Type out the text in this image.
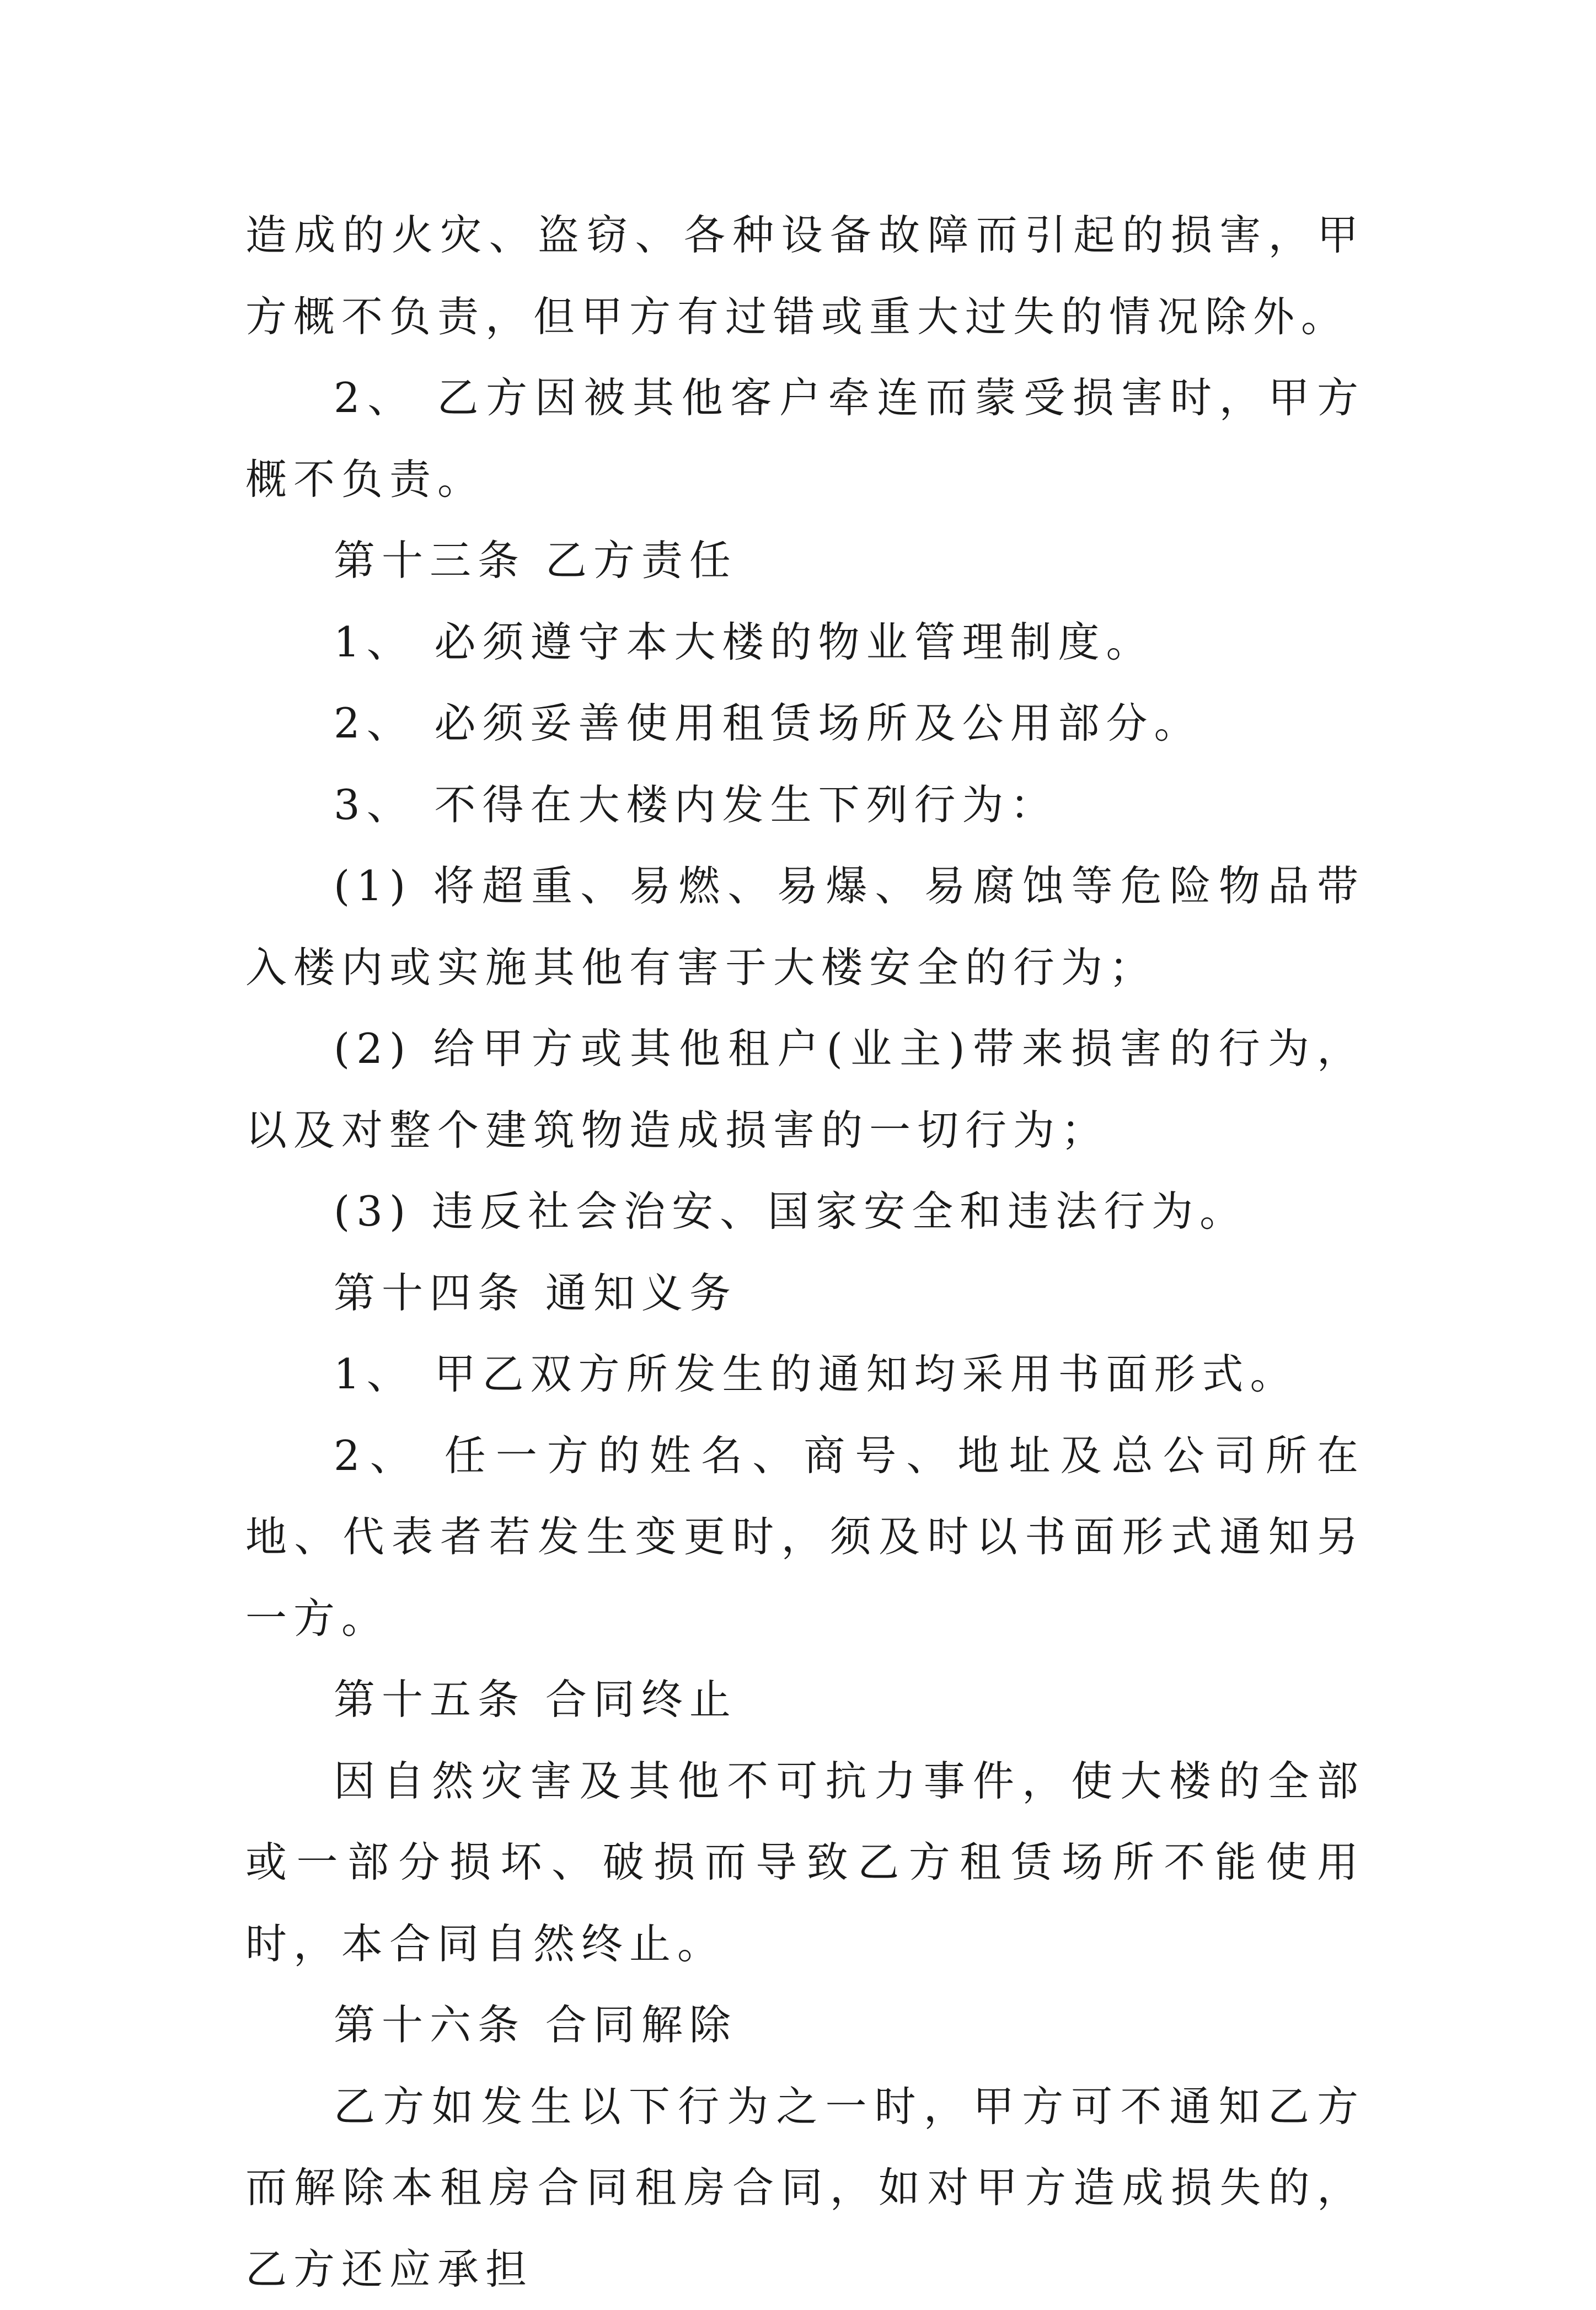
造成的火灾、盗窃、各种设备故障而引起的损害，甲方概不负责，但甲方有过错或重大过失的情况除外。

2、 乙方因被其他客户牵连而蒙受损害时，甲方概不负责。

第十三条 乙方责任

1、 必须遵守本大楼的物业管理制度。

2、 必须妥善使用租赁场所及公用部分。

3、 不得在大楼内发生下列行为：

(1) 将超重、易燃、易爆、易腐蚀等危险物品带入楼内或实施其他有害于大楼安全的行为；

(2) 给甲方或其他租户(业主)带来损害的行为，以及对整个建筑物造成损害的一切行为；

(3) 违反社会治安、国家安全和违法行为。

第十四条 通知义务

1、 甲乙双方所发生的通知均采用书面形式。

2、 任一方的姓名、商号、地址及总公司所在地、代表者若发生变更时，须及时以书面形式通知另一方。

第十五条 合同终止

因自然灾害及其他不可抗力事件，使大楼的全部或一部分损坏、破损而导致乙方租赁场所不能使用时，本合同自然终止。

第十六条 合同解除

乙方如发生以下行为之一时，甲方可不通知乙方而解除本租房合同租房合同，如对甲方造成损失的，乙方还应承担
